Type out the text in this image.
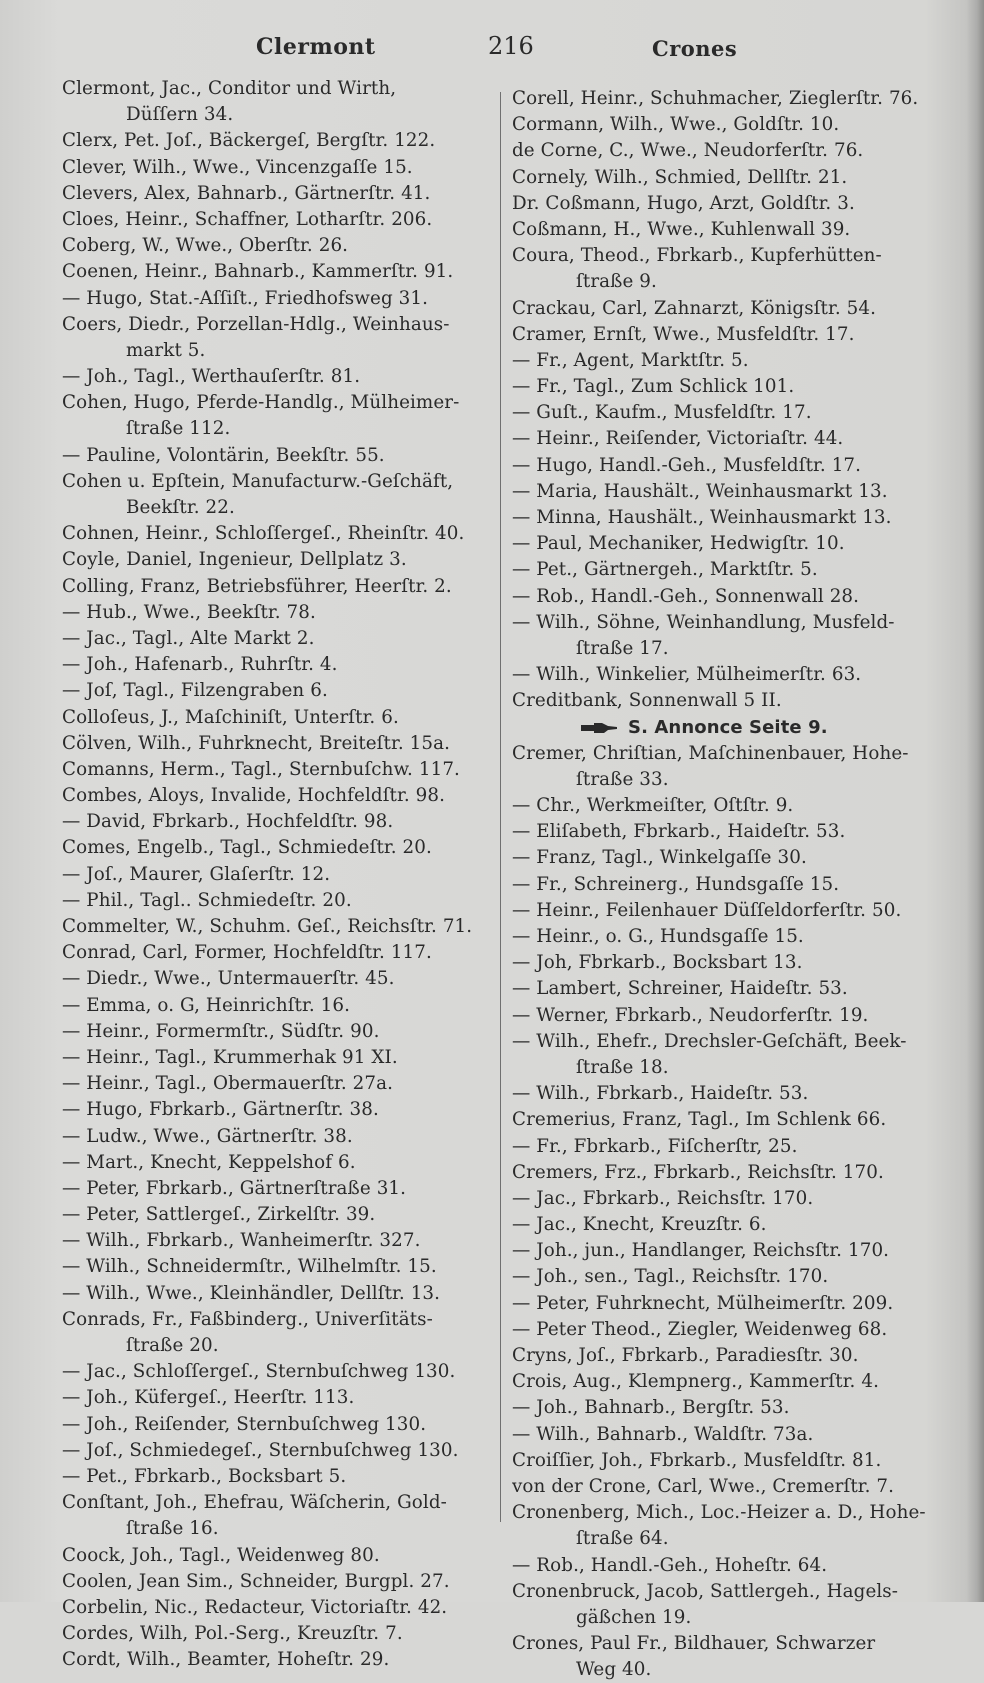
Clermont	216	Crones
Clermont, Jac., Conditor und Wirth,
Düſſern 34.
Clerx, Pet. Joſ., Bäckergeſ, Bergſtr. 122.
Clever, Wilh., Wwe., Vincenzgaſſe 15.
Clevers, Alex, Bahnarb., Gärtnerſtr. 41.
Cloes, Heinr., Schaffner, Lotharſtr. 206.
Coberg, W., Wwe., Oberſtr. 26.
Coenen, Heinr., Bahnarb., Kammerſtr. 91.
— Hugo, Stat.-Aſſiſt., Friedhofsweg 31.
Coers, Diedr., Porzellan-Hdlg., Weinhaus-
markt 5.
— Joh., Tagl., Werthauſerſtr. 81.
Cohen, Hugo, Pferde-Handlg., Mülheimer-
ſtraße 112.
— Pauline, Volontärin, Beekſtr. 55.
Cohen u. Epſtein, Manufacturw.-Geſchäft,
Beekſtr. 22.
Cohnen, Heinr., Schloſſergeſ., Rheinſtr. 40.
Coyle, Daniel, Ingenieur, Dellplatz 3.
Colling, Franz, Betriebsführer, Heerſtr. 2.
— Hub., Wwe., Beekſtr. 78.
— Jac., Tagl., Alte Markt 2.
— Joh., Hafenarb., Ruhrſtr. 4.
— Joſ, Tagl., Filzengraben 6.
Colloſeus, J., Maſchiniſt, Unterſtr. 6.
Cölven, Wilh., Fuhrknecht, Breiteſtr. 15a.
Comanns, Herm., Tagl., Sternbuſchw. 117.
Combes, Aloys, Invalide, Hochfeldſtr. 98.
— David, Fbrkarb., Hochfeldſtr. 98.
Comes, Engelb., Tagl., Schmiedeſtr. 20.
— Joſ., Maurer, Glaſerſtr. 12.
— Phil., Tagl.. Schmiedeſtr. 20.
Commelter, W., Schuhm. Geſ., Reichsſtr. 71.
Conrad, Carl, Former, Hochfeldſtr. 117.
— Diedr., Wwe., Untermauerſtr. 45.
— Emma, o. G, Heinrichſtr. 16.
— Heinr., Formermſtr., Südſtr. 90.
— Heinr., Tagl., Krummerhak 91 XI.
— Heinr., Tagl., Obermauerſtr. 27a.
— Hugo, Fbrkarb., Gärtnerſtr. 38.
— Ludw., Wwe., Gärtnerſtr. 38.
— Mart., Knecht, Keppelshof 6.
— Peter, Fbrkarb., Gärtnerſtraße 31.
— Peter, Sattlergeſ., Zirkelſtr. 39.
— Wilh., Fbrkarb., Wanheimerſtr. 327.
— Wilh., Schneidermſtr., Wilhelmſtr. 15.
— Wilh., Wwe., Kleinhändler, Dellſtr. 13.
Conrads, Fr., Faßbinderg., Univerſitäts-
ſtraße 20.
— Jac., Schloſſergeſ., Sternbuſchweg 130.
— Joh., Küfergeſ., Heerſtr. 113.
— Joh., Reiſender, Sternbuſchweg 130.
— Joſ., Schmiedegeſ., Sternbuſchweg 130.
— Pet., Fbrkarb., Bocksbart 5.
Conſtant, Joh., Ehefrau, Wäſcherin, Gold-
ſtraße 16.
Coock, Joh., Tagl., Weidenweg 80.
Coolen, Jean Sim., Schneider, Burgpl. 27.
Corbelin, Nic., Redacteur, Victoriaſtr. 42.
Cordes, Wilh, Pol.-Serg., Kreuzſtr. 7.
Cordt, Wilh., Beamter, Hoheſtr. 29.
Corell, Heinr., Schuhmacher, Zieglerſtr. 76.
Cormann, Wilh., Wwe., Goldſtr. 10.
de Corne, C., Wwe., Neudorferſtr. 76.
Cornely, Wilh., Schmied, Dellſtr. 21.
Dr. Coßmann, Hugo, Arzt, Goldſtr. 3.
Coßmann, H., Wwe., Kuhlenwall 39.
Coura, Theod., Fbrkarb., Kupferhütten-
ſtraße 9.
Crackau, Carl, Zahnarzt, Königsſtr. 54.
Cramer, Ernſt, Wwe., Musfeldſtr. 17.
— Fr., Agent, Marktſtr. 5.
— Fr., Tagl., Zum Schlick 101.
— Guſt., Kaufm., Musfeldſtr. 17.
— Heinr., Reiſender, Victoriaſtr. 44.
— Hugo, Handl.-Geh., Musfeldſtr. 17.
— Maria, Haushält., Weinhausmarkt 13.
— Minna, Haushält., Weinhausmarkt 13.
— Paul, Mechaniker, Hedwigſtr. 10.
— Pet., Gärtnergeh., Marktſtr. 5.
— Rob., Handl.-Geh., Sonnenwall 28.
— Wilh., Söhne, Weinhandlung, Musfeld-
ſtraße 17.
— Wilh., Winkelier, Mülheimerſtr. 63.
Creditbank, Sonnenwall 5 II.
S. Annonce Seite 9.
Cremer, Chriſtian, Maſchinenbauer, Hohe-
ſtraße 33.
— Chr., Werkmeiſter, Oſtſtr. 9.
— Eliſabeth, Fbrkarb., Haideſtr. 53.
— Franz, Tagl., Winkelgaſſe 30.
— Fr., Schreinerg., Hundsgaſſe 15.
— Heinr., Feilenhauer Düſſeldorferſtr. 50.
— Heinr., o. G., Hundsgaſſe 15.
— Joh, Fbrkarb., Bocksbart 13.
— Lambert, Schreiner, Haideſtr. 53.
— Werner, Fbrkarb., Neudorferſtr. 19.
— Wilh., Ehefr., Drechsler-Geſchäft, Beek-
ſtraße 18.
— Wilh., Fbrkarb., Haideſtr. 53.
Cremerius, Franz, Tagl., Im Schlenk 66.
— Fr., Fbrkarb., Fiſcherſtr, 25.
Cremers, Frz., Fbrkarb., Reichsſtr. 170.
— Jac., Fbrkarb., Reichsſtr. 170.
— Jac., Knecht, Kreuzſtr. 6.
— Joh., jun., Handlanger, Reichsſtr. 170.
— Joh., sen., Tagl., Reichsſtr. 170.
— Peter, Fuhrknecht, Mülheimerſtr. 209.
— Peter Theod., Ziegler, Weidenweg 68.
Cryns, Joſ., Fbrkarb., Paradiesſtr. 30.
Crois, Aug., Klempnerg., Kammerſtr. 4.
— Joh., Bahnarb., Bergſtr. 53.
— Wilh., Bahnarb., Waldſtr. 73a.
Croiſſier, Joh., Fbrkarb., Musfeldſtr. 81.
von der Crone, Carl, Wwe., Cremerſtr. 7.
Cronenberg, Mich., Loc.-Heizer a. D., Hohe-
ſtraße 64.
— Rob., Handl.-Geh., Hoheſtr. 64.
Cronenbruck, Jacob, Sattlergeh., Hagels-
gäßchen 19.
Crones, Paul Fr., Bildhauer, Schwarzer
Weg 40.
